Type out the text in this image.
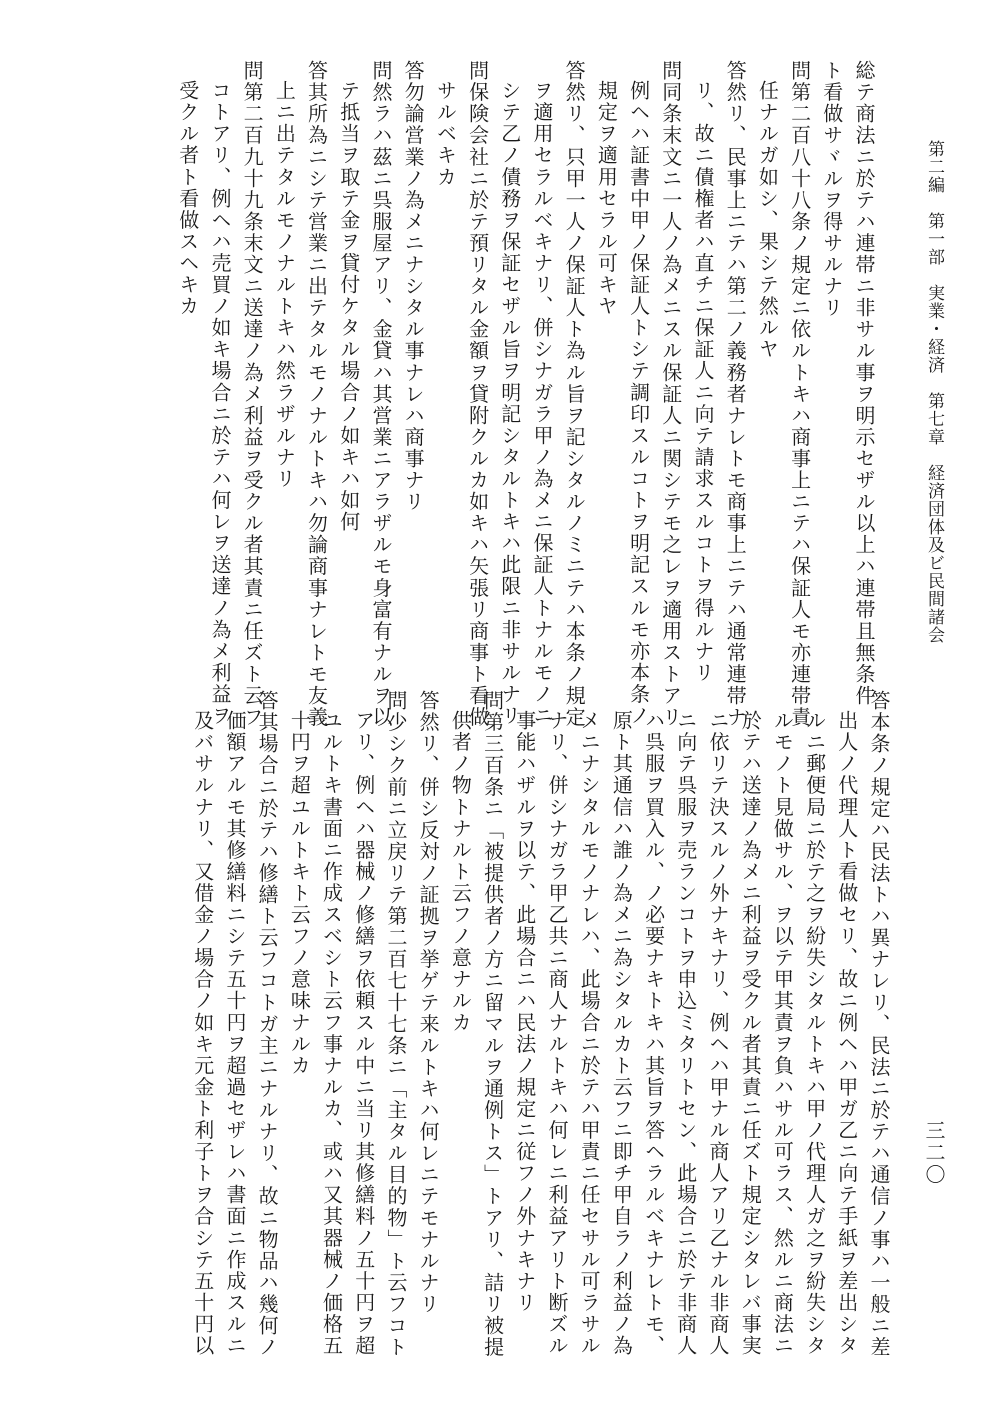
第二編　第一部　実業・経済　第七章　経済団体及ビ民間諸会
三二〇
総テ商法ニ於テハ連帯ニ非サル事ヲ明示セザル以上ハ連帯且無条件
ト看做サヾルヲ得サルナリ
問第二百八十八条ノ規定ニ依ルトキハ商事上ニテハ保証人モ亦連帯責
任ナルガ如シ、果シテ然ルヤ
答然リ、民事上ニテハ第二ノ義務者ナレトモ商事上ニテハ通常連帯ナ
リ、故ニ債権者ハ直チニ保証人ニ向テ請求スルコトヲ得ルナリ
問同条末文ニ一人ノ為メニスル保証人ニ関シテモ之レヲ適用ストアリ
例ヘハ証書中甲ノ保証人トシテ調印スルコトヲ明記スルモ亦本条ノ
規定ヲ適用セラル可キヤ
答然リ、只甲一人ノ保証人ト為ル旨ヲ記シタルノミニテハ本条ノ規定
ヲ適用セラルベキナリ、併シナガラ甲ノ為メニ保証人トナルモノニ
シテ乙ノ債務ヲ保証セザル旨ヲ明記シタルトキハ此限ニ非サルナリ
問保険会社ニ於テ預リタル金額ヲ貸附クルカ如キハ矢張リ商事ト看做
サルベキカ
答勿論営業ノ為メニナシタル事ナレハ商事ナリ
問然ラハ茲ニ呉服屋アリ、金貸ハ其営業ニアラザルモ身富有ナルヲ以
テ抵当ヲ取テ金ヲ貸付ケタル場合ノ如キハ如何
答其所為ニシテ営業ニ出テタルモノナルトキハ勿論商事ナレトモ友義
上ニ出テタルモノナルトキハ然ラザルナリ
問第二百九十九条末文ニ送達ノ為メ利益ヲ受クル者其責ニ任ズト云フ
コトアリ、例ヘハ売買ノ如キ場合ニ於テハ何レヲ送達ノ為メ利益ヲ
受クル者ト看做スヘキカ
答本条ノ規定ハ民法トハ異ナレリ、民法ニ於テハ通信ノ事ハ一般ニ差
出人ノ代理人ト看做セリ、故ニ例ヘハ甲ガ乙ニ向テ手紙ヲ差出シタ
ルニ郵便局ニ於テ之ヲ紛失シタルトキハ甲ノ代理人ガ之ヲ紛失シタ
ルモノト見做サル、ヲ以テ甲其責ヲ負ハサル可ラス、然ルニ商法ニ
於テハ送達ノ為メニ利益ヲ受クル者其責ニ任ズト規定シタレバ事実
ニ依リテ決スルノ外ナキナリ、例ヘハ甲ナル商人アリ乙ナル非商人
ニ向テ呉服ヲ売ランコトヲ申込ミタリトセン、此場合ニ於テ非商人
ハ呉服ヲ買入ル、ノ必要ナキトキハ其旨ヲ答ヘラルベキナレトモ、
原ト其通信ハ誰ノ為メニ為シタルカト云フニ即チ甲自ラノ利益ノ為
メニナシタルモノナレハ、此場合ニ於テハ甲責ニ任セサル可ラサル
ナリ、併シナガラ甲乙共ニ商人ナルトキハ何レニ利益アリト断ズル
事能ハザルヲ以テ、此場合ニハ民法ノ規定ニ従フノ外ナキナリ
問第三百条ニ「被提供者ノ方ニ留マルヲ通例トス」トアリ、詰リ被提
供者ノ物トナルト云フノ意ナルカ
答然リ、併シ反対ノ証拠ヲ挙ゲテ来ルトキハ何レニテモナルナリ
問少シク前ニ立戻リテ第二百七十七条ニ「主タル目的物」ト云フコト
アリ、例ヘハ器械ノ修繕ヲ依頼スル中ニ当リ其修繕料ノ五十円ヲ超
ユルトキ書面ニ作成スベシト云フ事ナルカ、或ハ又其器械ノ価格五
十円ヲ超ユルトキト云フノ意味ナルカ
答其場合ニ於テハ修繕ト云フコトガ主ニナルナリ、故ニ物品ハ幾何ノ
価額アルモ其修繕料ニシテ五十円ヲ超過セザレハ書面ニ作成スルニ
及バサルナリ、又借金ノ場合ノ如キ元金ト利子トヲ合シテ五十円以
